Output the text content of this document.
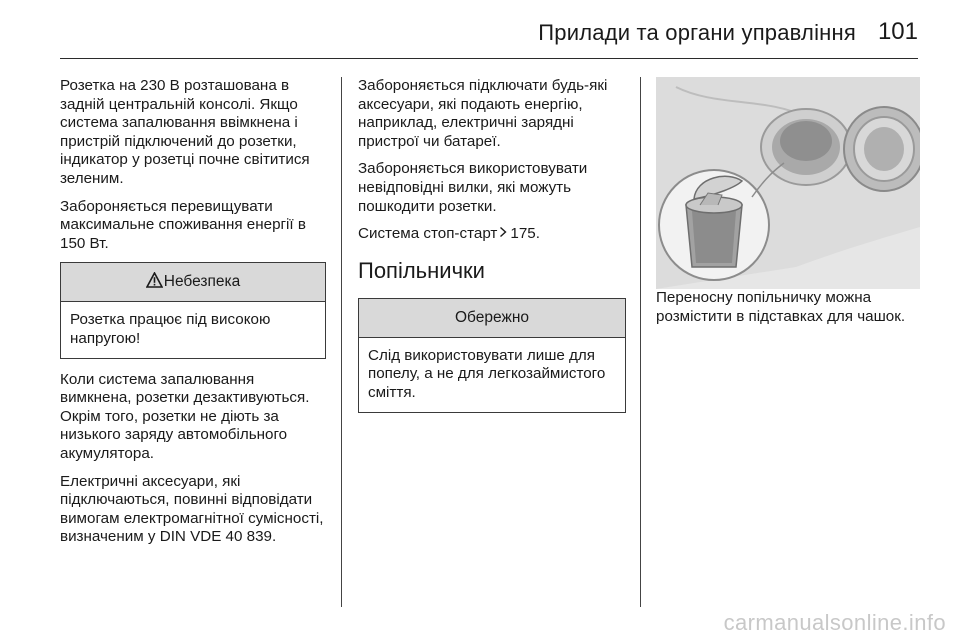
Прилади та органи управління 101

Розетка на 230 В розташована в задній центральній консолі. Якщо система запалювання ввімкнена і пристрій підключений до розетки, індикатор у розетці почне світитися зеленим.

Забороняється перевищувати максимальне споживання енергії в 150 Вт.

Небезпека
Розетка працює під високою напругою!

Коли система запалювання вимкнена, розетки дезактивуються. Окрім того, розетки не діють за низького заряду автомобільного акумулятора.

Електричні аксесуари, які підключаються, повинні відповідати вимогам електромагнітної сумісності, визначеним у DIN VDE 40 839.

Забороняється підключати будь-які аксесуари, які подають енергію, наприклад, електричні зарядні пристрої чи батареї.

Забороняється використовувати невідповідні вилки, які можуть пошкодити розетки.

Система стоп-старт 175.

Попільнички
Обережно
Слід використовувати лише для попелу, а не для легкозаймистого сміття.

Переносну попільничку можна розмістити в підставках для чашок.

carmanualsonline.info
